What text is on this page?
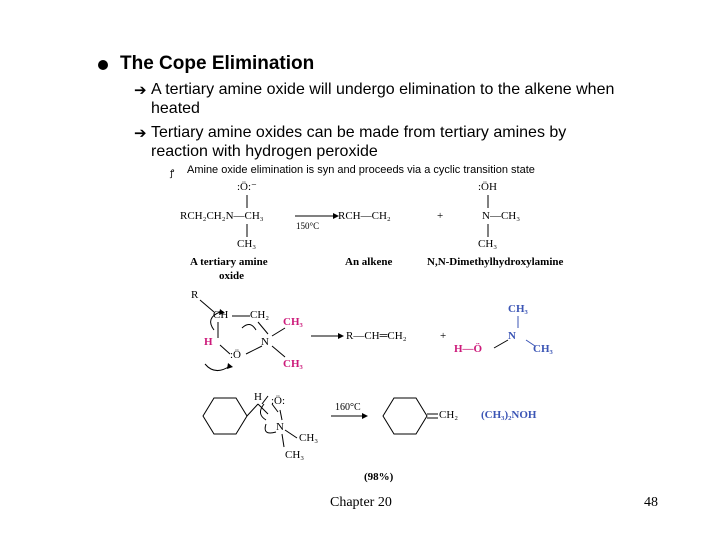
The Cope Elimination
➔ A tertiary amine oxide will undergo elimination to the alkene when
heated
➔ Tertiary amine oxides can be made from tertiary amines by
reaction with hydrogen peroxide
ꝭ Amine oxide elimination is syn and proceeds via a cyclic transition state
:Ö:⁻
RCH₂CH₂N—CH₃
CH₃
150°C
RCH—CH₂	+
:ÖH
N—CH₃
CH₃
A tertiary amine
oxide
An alkene	N,N-Dimethylhydroxylamine
R
CH CH₂
CH₃
N
CH₃
H
:Ö
R—CH═CH₂	+
CH₃
H—Ö
N
CH₃
H :Ö:
N
CH₃
CH₃
160°C
CH₂ (CH₃)₂NOH
(98%)
Chapter 20	48
